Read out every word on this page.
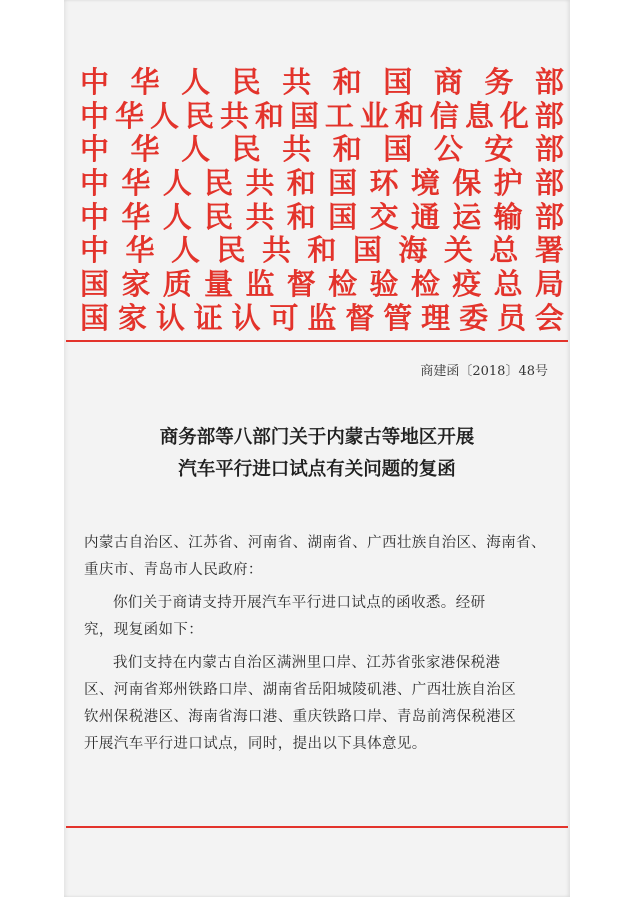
中 华 人 民 共 和 国 商 务 部
中 华 人 民 共 和 国 工 业 和 信 息 化 部
中 华 人 民 共 和 国 公 安 部
中 华 人 民 共 和 国 环 境 保 护 部
中 华 人 民 共 和 国 交 通 运 输 部
中 华 人 民 共 和 国 海 关 总 署
国 家 质 量 监 督 检 验 检 疫 总 局
国 家 认 证 认 可 监 督 管 理 委 员 会
商建函〔2018〕48号
商务部等八部门关于内蒙古等地区开展
汽车平行进口试点有关问题的复函
内蒙古自治区、江苏省、河南省、湖南省、广西壮族自治区、海南省、
重庆市、青岛市人民政府：
你们关于商请支持开展汽车平行进口试点的函收悉。经研
究，现复函如下：
我们支持在内蒙古自治区满洲里口岸、江苏省张家港保税港
区、河南省郑州铁路口岸、湖南省岳阳城陵矶港、广西壮族自治区
钦州保税港区、海南省海口港、重庆铁路口岸、青岛前湾保税港区
开展汽车平行进口试点，同时，提出以下具体意见。
